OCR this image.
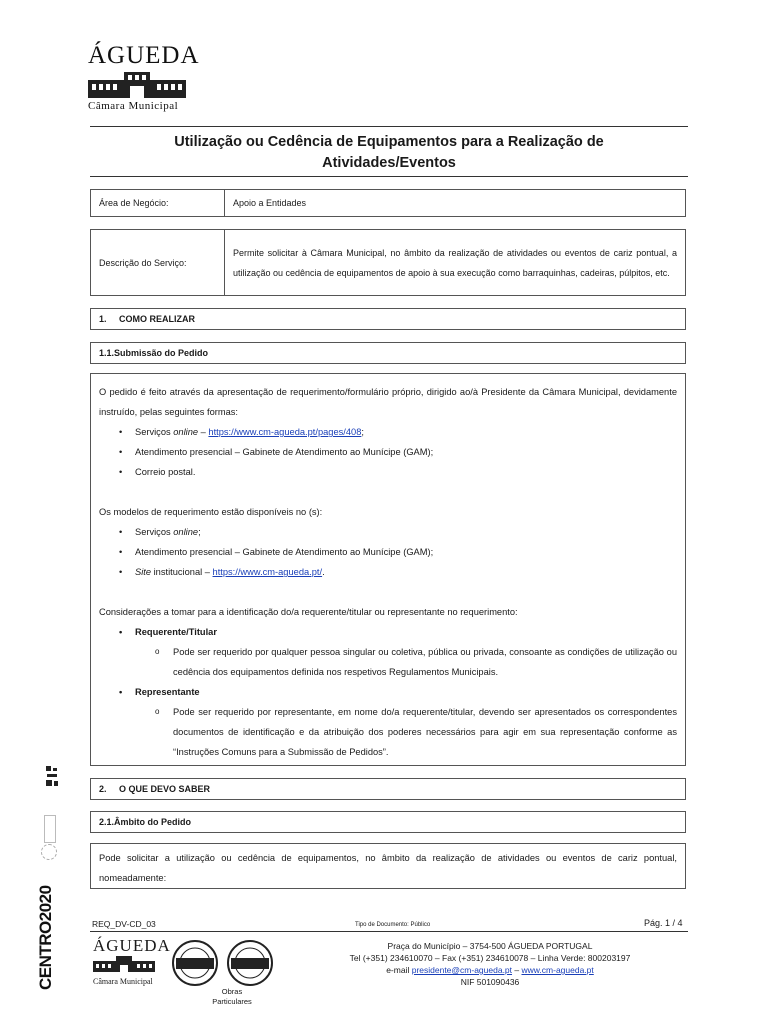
ÁGUEDA
Câmara Municipal
Utilização ou Cedência de Equipamentos para a Realização de
Atividades/Eventos
Área de Negócio:	Apoio a Entidades
Descrição do Serviço:
Permite solicitar à Câmara Municipal, no âmbito da realização de atividades ou eventos de cariz pontual, a utilização ou cedência de equipamentos de apoio à sua execução como barraquinhas, cadeiras, púlpitos, etc.
1.     COMO REALIZAR
1.1.Submissão do Pedido

O pedido é feito através da apresentação de requerimento/formulário próprio, dirigido ao/à Presidente da Câmara Municipal, devidamente instruído, pelas seguintes formas:

• Serviços online – https://www.cm-agueda.pt/pages/408;
• Atendimento presencial – Gabinete de Atendimento ao Munícipe (GAM);
• Correio postal.

Os modelos de requerimento estão disponíveis no (s):

• Serviços online;
• Atendimento presencial – Gabinete de Atendimento ao Munícipe (GAM);
• Site institucional – https://www.cm-agueda.pt/.

Considerações a tomar para a identificação do/a requerente/titular ou representante no requerimento:

• Requerente/Titular
o Pode ser requerido por qualquer pessoa singular ou coletiva, pública ou privada, consoante as condições de utilização ou cedência dos equipamentos definida nos respetivos Regulamentos Municipais.
• Representante
o Pode ser requerido por representante, em nome do/a requerente/titular, devendo ser apresentados os correspondentes documentos de identificação e da atribuição dos poderes necessários para agir em sua representação conforme as “Instruções Comuns para a Submissão de Pedidos”.
2.     O QUE DEVO SABER
2.1.Âmbito do Pedido

Pode solicitar a utilização ou cedência de equipamentos, no âmbito da realização de atividades ou eventos de cariz pontual, nomeadamente:

CENTRO2020	REQ_DV-CD_03	Tipo de Documento: Público	Pág. 1 / 4
ÁGUEDA
Câmara Municipal
Obras Particulares
Praça do Município – 3754-500 ÁGUEDA PORTUGAL
Tel (+351) 234610070 – Fax (+351) 234610078 – Linha Verde: 800203197
e-mail presidente@cm-agueda.pt – www.cm-agueda.pt
NIF 501090436
